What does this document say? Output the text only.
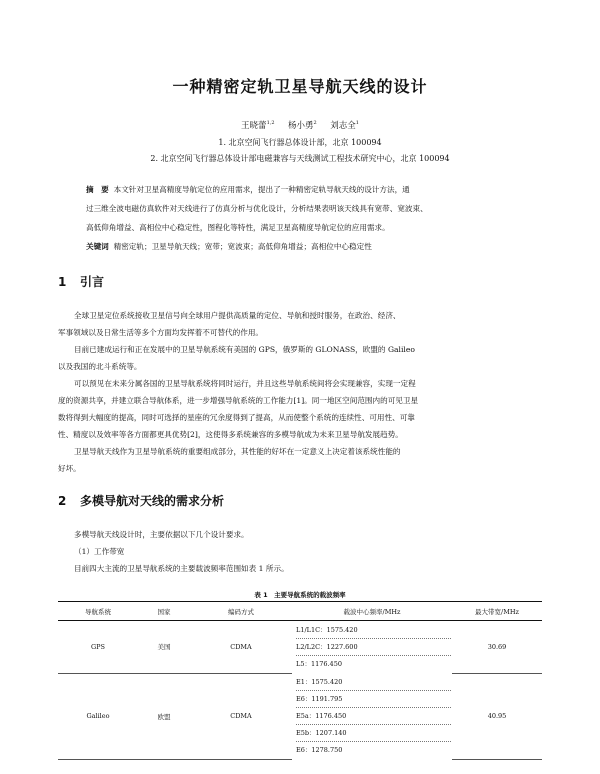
一种精密定轨卫星导航天线的设计
王晓蕾$^{1,2}$ 杨小勇$^2$ 刘志全$^1$
1. 北京空间飞行器总体设计部，北京 100094
2. 北京空间飞行器总体设计部电磁兼容与天线测试工程技术研究中心，北京 100094
摘　要 本文针对卫星高精度导航定位的应用需求，提出了一种精密定轨导航天线的设计方法，通
过三维全波电磁仿真软件对天线进行了仿真分析与优化设计，分析结果表明该天线具有宽带、宽波束、
高低仰角增益、高相位中心稳定性，图程化等特性，满足卫星高精度导航定位的应用需求。
关键词 精密定轨；卫星导航天线；宽带；宽波束；高低仰角增益；高相位中心稳定性
1 引言
全球卫星定位系统接收卫星信号向全球用户提供高质量的定位、导航和授时服务，在政治、经济、
军事领域以及日常生活等多个方面均发挥着不可替代的作用。
目前已建成运行和正在发展中的卫星导航系统有美国的 GPS，俄罗斯的 GLONASS，欧盟的 Galileo
以及我国的北斗系统等。
可以预见在未来分属各国的卫星导航系统将同时运行，并且这些导航系统间将会实现兼容，实现一定程
度的资源共享，并建立联合导航体系，进一步增强导航系统的工作能力[1]。同一地区空间范围内的可见卫星
数将得到大幅度的提高，同时可选择的星座的冗余度得到了提高，从而使整个系统的连续性、可用性、可靠
性、精度以及效率等各方面都更具优势[2]，这使得多系统兼容的多模导航成为未来卫星导航发展趋势。
卫星导航天线作为卫星导航系统的重要组成部分，其性能的好坏在一定意义上决定着该系统性能的
好坏。
2 多模导航对天线的需求分析
多模导航天线设计时，主要依据以下几个设计要求。
（1）工作带宽
目前四大主流的卫星导航系统的主要载波频率范围如表 1 所示。
表 1　主要导航系统的载波频率
导航系统	国家	编码方式	载波中心频率/MHz	最大带宽/MHz
GPS	美国	CDMA	L1/L1C：1575.420
L2/L2C：1227.600
L5：1176.450	30.69
Galileo	欧盟	CDMA	E1：1575.420
E6：1191.795
E5a：1176.450
E5b：1207.140
E6：1278.750	40.95
